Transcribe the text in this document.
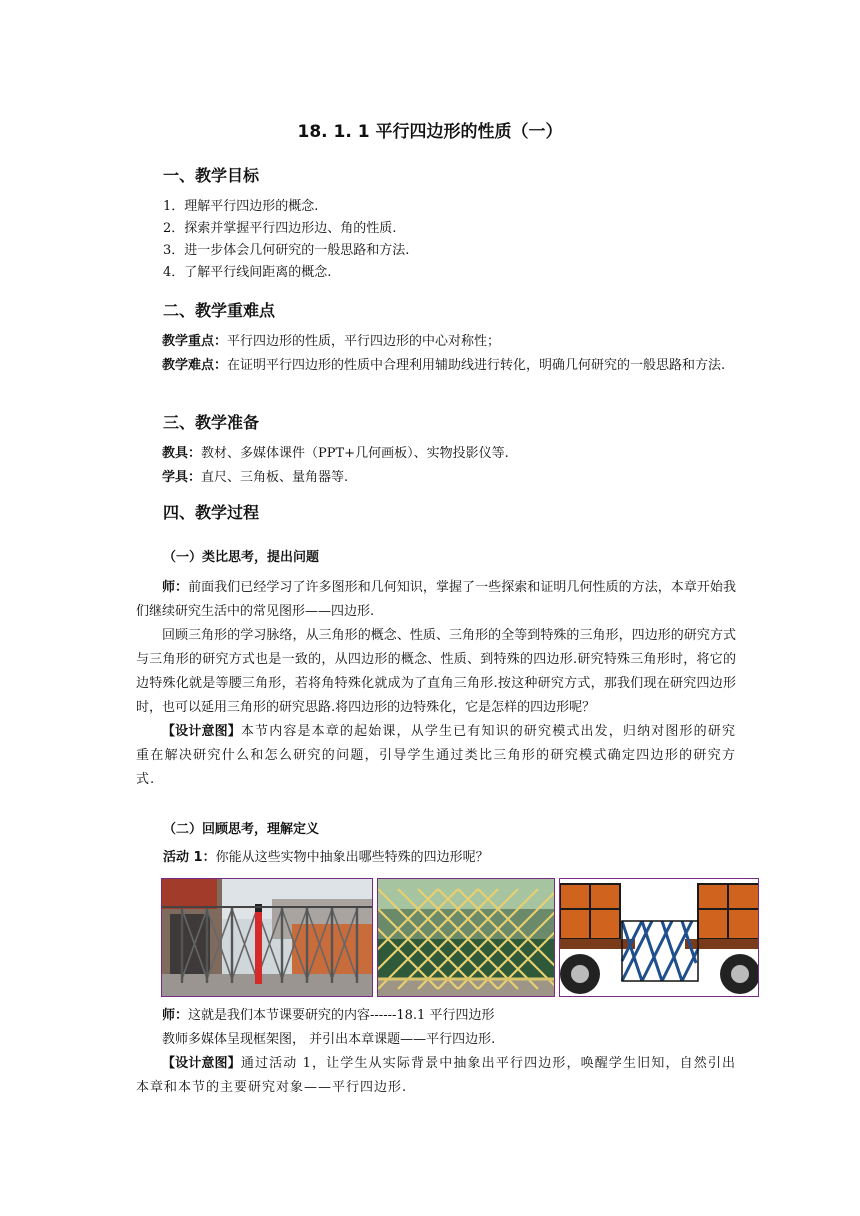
18. 1. 1 平行四边形的性质（一）
一、教学目标
1．理解平行四边形的概念.
2．探索并掌握平行四边形边、角的性质.
3．进一步体会几何研究的一般思路和方法.
4．了解平行线间距离的概念.
二、教学重难点

教学重点：平行四边形的性质，平行四边形的中心对称性；

教学难点：在证明平行四边形的性质中合理利用辅助线进行转化，明确几何研究的一般思路和方法.

三、教学准备

教具：教材、多媒体课件（PPT+几何画板）、实物投影仪等.

学具：直尺、三角板、量角器等.

四、教学过程
（一）类比思考，提出问题

师：前面我们已经学习了许多图形和几何知识，掌握了一些探索和证明几何性质的方法，本章开始我们继续研究生活中的常见图形——四边形.

回顾三角形的学习脉络，从三角形的概念、性质、三角形的全等到特殊的三角形，四边形的研究方式与三角形的研究方式也是一致的，从四边形的概念、性质、到特殊的四边形.研究特殊三角形时，将它的边特殊化就是等腰三角形，若将角特殊化就成为了直角三角形.按这种研究方式，那我们现在研究四边形时，也可以延用三角形的研究思路.将四边形的边特殊化，它是怎样的四边形呢？

【设计意图】本节内容是本章的起始课，从学生已有知识的研究模式出发，归纳对图形的研究重在解决研究什么和怎么研究的问题，引导学生通过类比三角形的研究模式确定四边形的研究方式.

（二）回顾思考，理解定义
活动 1：你能从这些实物中抽象出哪些特殊的四边形呢？

师：这就是我们本节课要研究的内容------18.1 平行四边形

教师多媒体呈现框架图， 并引出本章课题——平行四边形.

【设计意图】通过活动 1，让学生从实际背景中抽象出平行四边形，唤醒学生旧知，自然引出本章和本节的主要研究对象——平行四边形.
